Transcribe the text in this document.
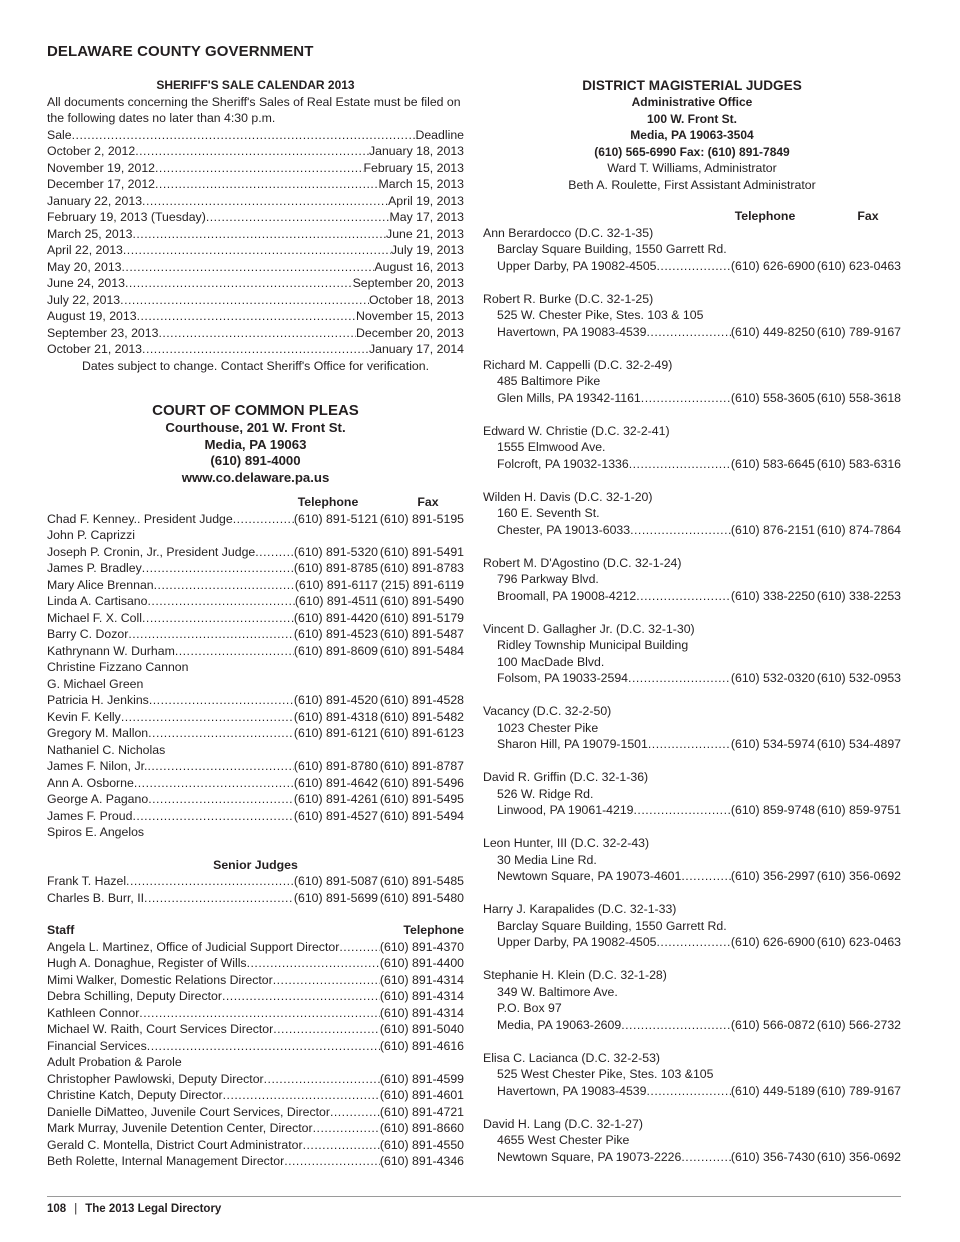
DELAWARE COUNTY GOVERNMENT
SHERIFF'S SALE CALENDAR 2013
All documents concerning the Sheriff's Sales of Real Estate must be filed on
the following dates no later than 4:30 p.m.
Sale .....	Deadline
October 2, 2012 .....	January 18, 2013
November 19, 2012 .....	February 15, 2013
December 17, 2012 .....	March 15, 2013
January 22, 2013 .....	April 19, 2013
February 19, 2013 (Tuesday) .....	May 17, 2013
March 25, 2013 .....	June 21, 2013
April 22, 2013 .....	July 19, 2013
May 20, 2013 .....	August 16, 2013
June 24, 2013 .....	September 20, 2013
July 22, 2013 .....	October 18, 2013
August 19, 2013 .....	November 15, 2013
September 23, 2013 .....	December 20, 2013
October 21, 2013 .....	January 17, 2014
Dates subject to change. Contact Sheriff's Office for verification.
COURT OF COMMON PLEAS
Courthouse, 201 W. Front St.
Media, PA 19063
(610) 891-4000
www.co.delaware.pa.us
Telephone	Fax
Chad F. Kenney.. President Judge .....	(610) 891-5121 (610) 891-5195
John P. Capriz​zi
Joseph P. Cronin, Jr., President Judge .....	(610) 891-5320 (610) 891-5491
James P. Bradley .....	(610) 891-8785 (610) 891-8783
Mary Alice Brennan .....	(610) 891-6117 (215) 891-6119
Linda A. Cartisano .....	(610) 891-4511 (610) 891-5490
Michael F. X. Coll .....	(610) 891-4420 (610) 891-5179
Barry C. Dozor .....	(610) 891-4523 (610) 891-5487
Kathrynann W. Durham .....	(610) 891-8609 (610) 891-5484
Christine Fizzano Cannon
G. Michael Green
Patricia H. Jenkins .....	(610) 891-4520 (610) 891-4528
Kevin F. Kelly .....	(610) 891-4318 (610) 891-5482
Gregory M. Mallon .....	(610) 891-6121 (610) 891-6123
Nathaniel C. Nicholas
James F. Nilon, Jr. .....	(610) 891-8780 (610) 891-8787
Ann A. Osborne .....	(610) 891-4642 (610) 891-5496
George A. Pagano .....	(610) 891-4261 (610) 891-5495
James F. Proud .....	(610) 891-4527 (610) 891-5494
Spiros E. Angelos
Senior Judges
Frank T. Hazel .....	(610) 891-5087 (610) 891-5485
Charles B. Burr, II .....	(610) 891-5699 (610) 891-5480
Staff	Telephone
Angela L. Martinez, Office of Judicial Support Director .....	(610) 891-4370
Hugh A. Donaghue, Register of Wills .....	(610) 891-4400
Mimi Walker, Domestic Relations Director .....	(610) 891-4314
Debra Schilling, Deputy Director .....	(610) 891-4314
Kathleen Connor .....	(610) 891-4314
Michael W. Raith, Court Services Director .....	(610) 891-5040
Financial Services .....	(610) 891-4616
Adult Probation & Parole
Christopher Pawlowski, Deputy Director .....	(610) 891-4599
Christine Katch, Deputy Director .....	(610) 891-4601
Danielle DiMatteo, Juvenile Court Services, Director .....	(610) 891-4721
Mark Murray, Juvenile Detention Center, Director .....	(610) 891-8660
Gerald C. Montella, District Court Administrator .....	(610) 891-4550
Beth Rolette, Internal Management Director .....	(610) 891-4346
DISTRICT MAGISTERIAL JUDGES
Administrative Office
100 W. Front St.
Media, PA 19063-3504
(610) 565-6990 Fax: (610) 891-7849
Ward T. Williams, Administrator
Beth A. Roulette, First Assistant Administrator
Telephone	Fax
Ann Berardocco (D.C. 32-1-35)
Barclay Square Building, 1550 Garrett Rd.
Upper Darby, PA 19082-4505 .....	(610) 626-6900 (610) 623-0463
Robert R. Burke (D.C. 32-1-25)
525 W. Chester Pike, Stes. 103 & 105
Havertown, PA 19083-4539 .....	(610) 449-8250 (610) 789-9167
Richard M. Cappelli (D.C. 32-2-49)
485 Baltimore Pike
Glen Mills, PA 19342-1161 .....	(610) 558-3605 (610) 558-3618
Edward W. Christie (D.C. 32-2-41)
1555 Elmwood Ave.
Folcroft, PA 19032-1336 .....	(610) 583-6645 (610) 583-6316
Wilden H. Davis (D.C. 32-1-20)
160 E. Seventh St.
Chester, PA 19013-6033 .....	(610) 876-2151 (610) 874-7864
Robert M. D'Agostino (D.C. 32-1-24)
796 Parkway Blvd.
Broomall, PA 19008-4212 .....	(610) 338-2250 (610) 338-2253
Vincent D. Gallagher Jr. (D.C. 32-1-30)
Ridley Township Municipal Building
100 MacDade Blvd.
Folsom, PA 19033-2594 .....	(610) 532-0320 (610) 532-0953
Vacancy (D.C. 32-2-50)
1023 Chester Pike
Sharon Hill, PA 19079-1501 .....	(610) 534-5974 (610) 534-4897
David R. Griffin (D.C. 32-1-36)
526 W. Ridge Rd.
Linwood, PA 19061-4219 .....	(610) 859-9748 (610) 859-9751
Leon Hunter, III (D.C. 32-2-43)
30 Media Line Rd.
Newtown Square, PA 19073-4601 .....	(610) 356-2997 (610) 356-0692
Harry J. Karapalides (D.C. 32-1-33)
Barclay Square Building, 1550 Garrett Rd.
Upper Darby, PA 19082-4505 .....	(610) 626-6900 (610) 623-0463
Stephanie H. Klein (D.C. 32-1-28)
349 W. Baltimore Ave.
P.O. Box 97
Media, PA 19063-2609 .....	(610) 566-0872 (610) 566-2732
Elisa C. Lacianca (D.C. 32-2-53)
525 West Chester Pike, Stes. 103 &105
Havertown, PA 19083-4539 .....	(610) 449-5189 (610) 789-9167
David H. Lang (D.C. 32-1-27)
4655 West Chester Pike
Newtown Square, PA 19073-2226 .....	(610) 356-7430 (610) 356-0692
108 | The 2013 Legal Directory
